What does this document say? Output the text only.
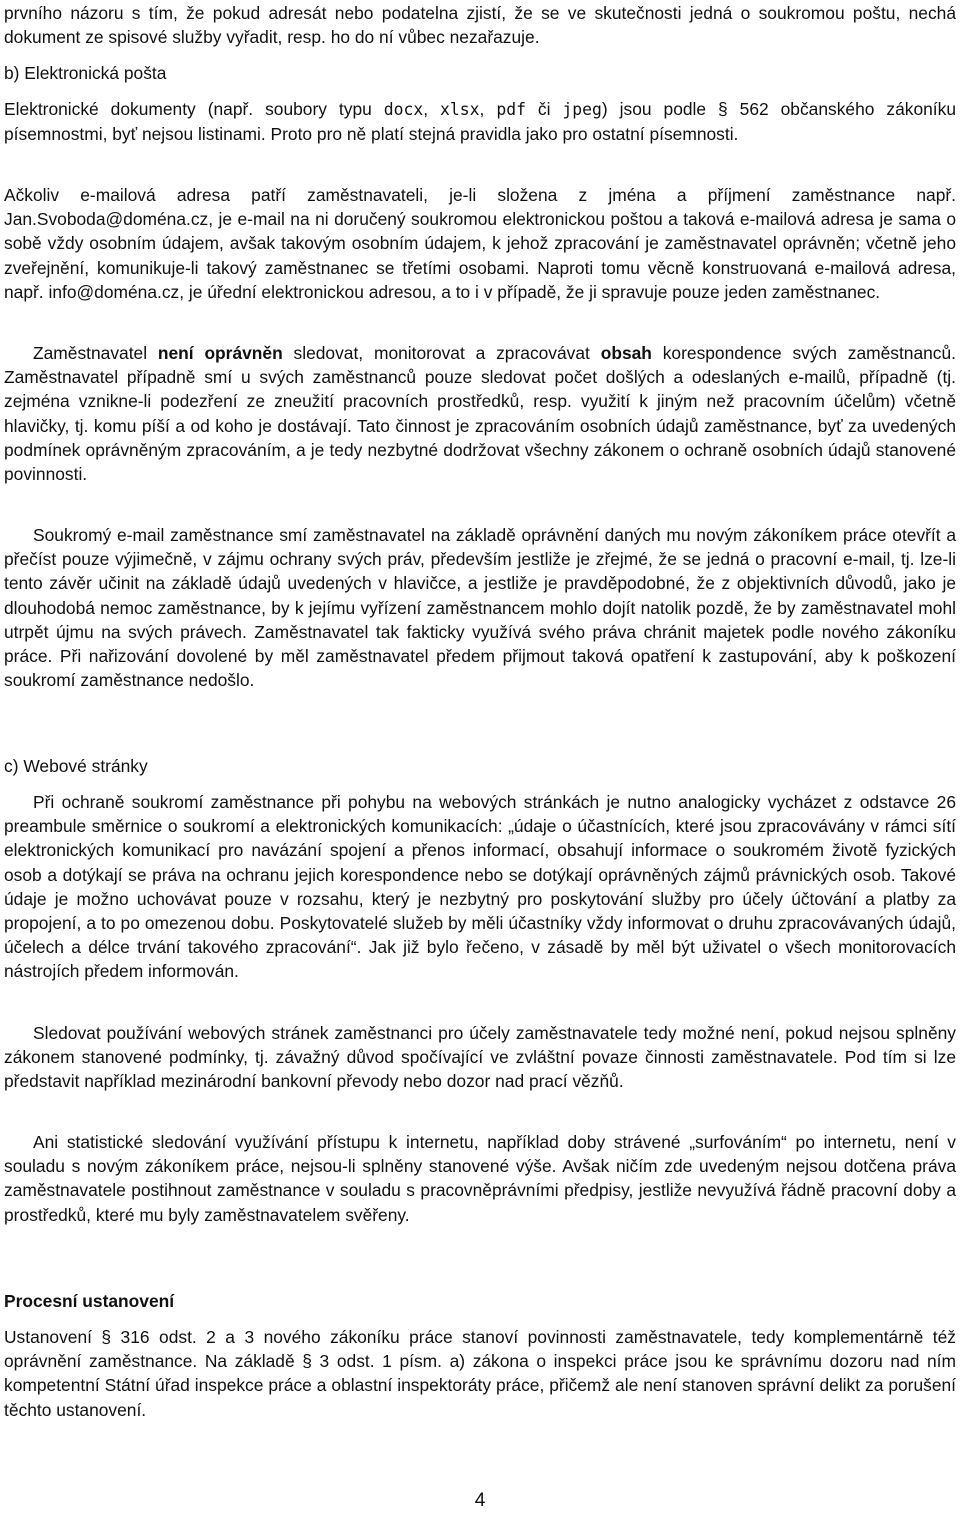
prvního názoru s tím, že pokud adresát nebo podatelna zjistí, že se ve skutečnosti jedná o soukromou poštu, nechá dokument ze spisové služby vyřadit, resp. ho do ní vůbec nezařazuje.

b) Elektronická pošta

Elektronické dokumenty (např. soubory typu docx, xlsx, pdf či jpeg) jsou podle § 562 občanského zákoníku písemnostmi, byť nejsou listinami. Proto pro ně platí stejná pravidla jako pro ostatní písemnosti.

Ačkoliv e-mailová adresa patří zaměstnavateli, je-li složena z jména a příjmení zaměstnance např. Jan.Svoboda@doména.cz, je e-mail na ni doručený soukromou elektronickou poštou a taková e-mailová adresa je sama o sobě vždy osobním údajem, avšak takovým osobním údajem, k jehož zpracování je zaměstnavatel oprávněn; včetně jeho zveřejnění, komunikuje-li takový zaměstnanec se třetími osobami. Naproti tomu věcně konstruovaná e-mailová adresa, např. info@doména.cz, je úřední elektronickou adresou, a to i v případě, že ji spravuje pouze jeden zaměstnanec.

Zaměstnavatel není oprávněn sledovat, monitorovat a zpracovávat obsah korespondence svých zaměstnanců. Zaměstnavatel případně smí u svých zaměstnanců pouze sledovat počet došlých a odeslaných e-mailů, případně (tj. zejména vznikne-li podezření ze zneužití pracovních prostředků, resp. využití k jiným než pracovním účelům) včetně hlavičky, tj. komu píší a od koho je dostávají. Tato činnost je zpracováním osobních údajů zaměstnance, byť za uvedených podmínek oprávněným zpracováním, a je tedy nezbytné dodržovat všechny zákonem o ochraně osobních údajů stanovené povinnosti.

Soukromý e-mail zaměstnance smí zaměstnavatel na základě oprávnění daných mu novým zákoníkem práce otevřít a přečíst pouze výjimečně, v zájmu ochrany svých práv, především jestliže je zřejmé, že se jedná o pracovní e-mail, tj. lze-li tento závěr učinit na základě údajů uvedených v hlavičce, a jestliže je pravděpodobné, že z objektivních důvodů, jako je dlouhodobá nemoc zaměstnance, by k jejímu vyřízení zaměstnancem mohlo dojít natolik pozdě, že by zaměstnavatel mohl utrpět újmu na svých právech. Zaměstnavatel tak fakticky využívá svého práva chránit majetek podle nového zákoníku práce. Při nařizování dovolené by měl zaměstnavatel předem přijmout taková opatření k zastupování, aby k poškození soukromí zaměstnance nedošlo.

c) Webové stránky

Při ochraně soukromí zaměstnance při pohybu na webových stránkách je nutno analogicky vycházet z odstavce 26 preambule směrnice o soukromí a elektronických komunikacích: „údaje o účastnících, které jsou zpracovávány v rámci sítí elektronických komunikací pro navázání spojení a přenos informací, obsahují informace o soukromém životě fyzických osob a dotýkají se práva na ochranu jejich korespondence nebo se dotýkají oprávněných zájmů právnických osob. Takové údaje je možno uchovávat pouze v rozsahu, který je nezbytný pro poskytování služby pro účely účtování a platby za propojení, a to po omezenou dobu. Poskytovatelé služeb by měli účastníky vždy informovat o druhu zpracovávaných údajů, účelech a délce trvání takového zpracování“. Jak již bylo řečeno, v zásadě by měl být uživatel o všech monitorovacích nástrojích předem informován.

Sledovat používání webových stránek zaměstnanci pro účely zaměstnavatele tedy možné není, pokud nejsou splněny zákonem stanovené podmínky, tj. závažný důvod spočívající ve zvláštní povaze činnosti zaměstnavatele. Pod tím si lze představit například mezinárodní bankovní převody nebo dozor nad prací vězňů.

Ani statistické sledování využívání přístupu k internetu, například doby strávené „surfováním“ po internetu, není v souladu s novým zákoníkem práce, nejsou-li splněny stanovené výše. Avšak ničím zde uvedeným nejsou dotčena práva zaměstnavatele postihnout zaměstnance v souladu s pracovněprávními předpisy, jestliže nevyužívá řádně pracovní doby a prostředků, které mu byly zaměstnavatelem svěřeny.

Procesní ustanovení

Ustanovení § 316 odst. 2 a 3 nového zákoníku práce stanoví povinnosti zaměstnavatele, tedy komplementárně též oprávnění zaměstnance. Na základě § 3 odst. 1 písm. a) zákona o inspekci práce jsou ke správnímu dozoru nad ním kompetentní Státní úřad inspekce práce a oblastní inspektoráty práce, přičemž ale není stanoven správní delikt za porušení těchto ustanovení.

4
